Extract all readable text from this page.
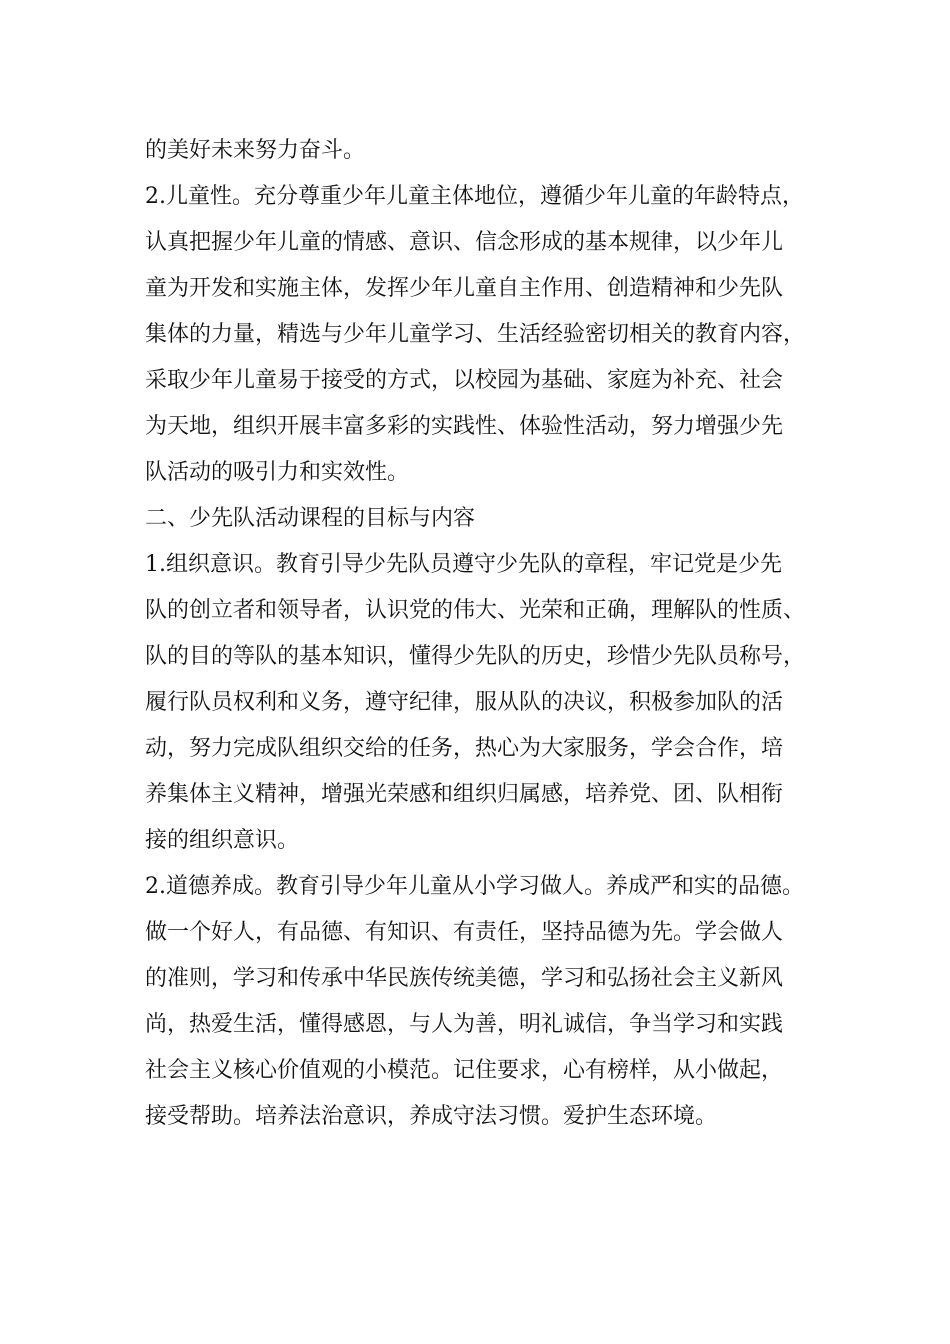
的美好未来努力奋斗。
2.儿童性。充分尊重少年儿童主体地位，遵循少年儿童的年龄特点，
认真把握少年儿童的情感、意识、信念形成的基本规律，以少年儿
童为开发和实施主体，发挥少年儿童自主作用、创造精神和少先队
集体的力量，精选与少年儿童学习、生活经验密切相关的教育内容，
采取少年儿童易于接受的方式，以校园为基础、家庭为补充、社会
为天地，组织开展丰富多彩的实践性、体验性活动，努力增强少先
队活动的吸引力和实效性。
二、少先队活动课程的目标与内容
1.组织意识。教育引导少先队员遵守少先队的章程，牢记党是少先
队的创立者和领导者，认识党的伟大、光荣和正确，理解队的性质、
队的目的等队的基本知识，懂得少先队的历史，珍惜少先队员称号，
履行队员权利和义务，遵守纪律，服从队的决议，积极参加队的活
动，努力完成队组织交给的任务，热心为大家服务，学会合作，培
养集体主义精神，增强光荣感和组织归属感，培养党、团、队相衔
接的组织意识。
2.道德养成。教育引导少年儿童从小学习做人。养成严和实的品德。
做一个好人，有品德、有知识、有责任，坚持品德为先。学会做人
的准则，学习和传承中华民族传统美德，学习和弘扬社会主义新风
尚，热爱生活，懂得感恩，与人为善，明礼诚信，争当学习和实践
社会主义核心价值观的小模范。记住要求，心有榜样，从小做起，
接受帮助。培养法治意识，养成守法习惯。爱护生态环境。
